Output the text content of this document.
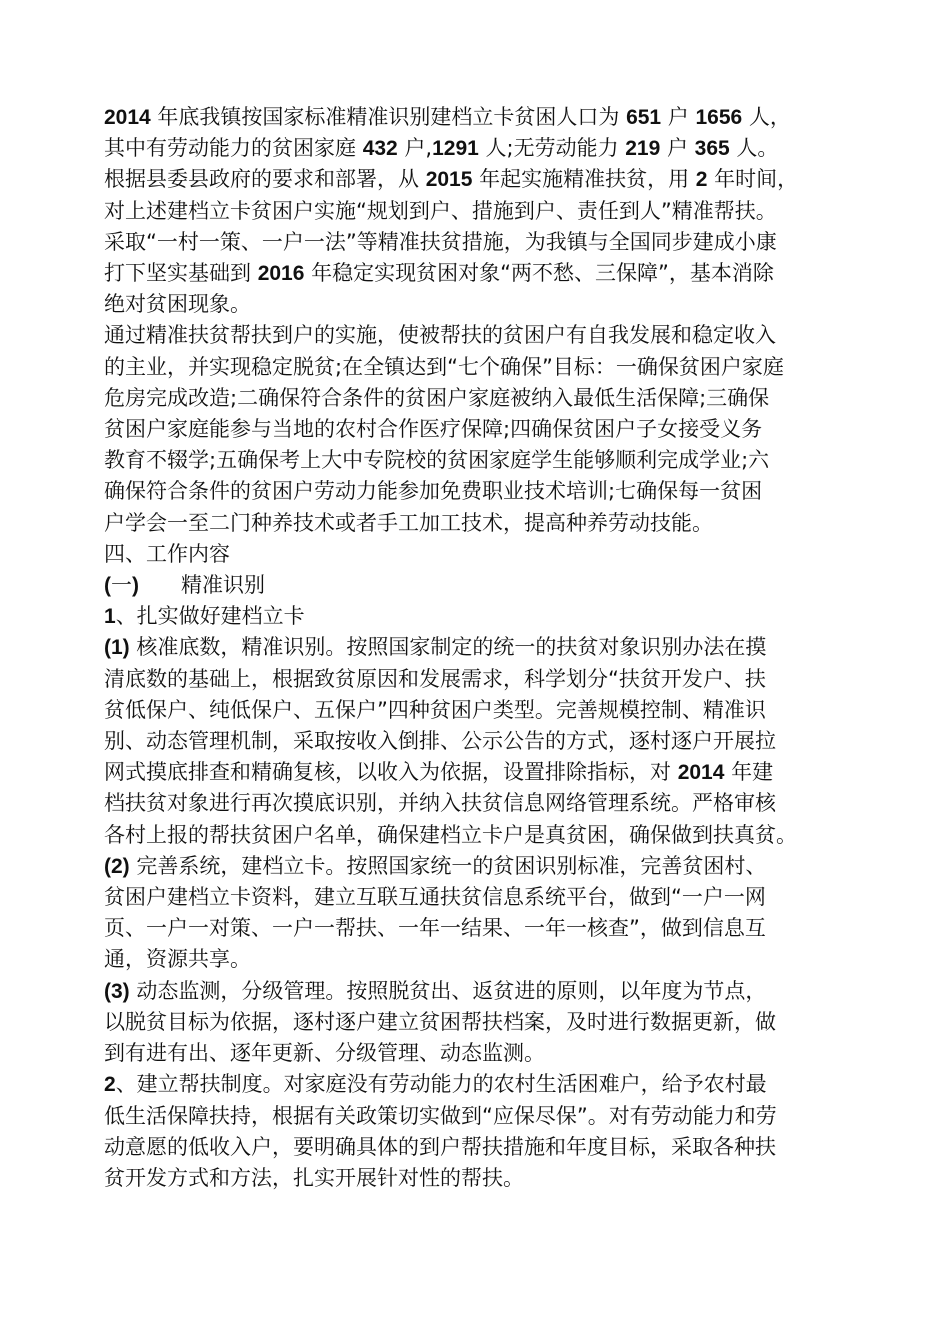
2014 年底我镇按国家标准精准识别建档立卡贫困人口为 651 户 1656 人，
其中有劳动能力的贫困家庭 432 户,1291 人;无劳动能力 219 户 365 人。

根据县委县政府的要求和部署，从 2015 年起实施精准扶贫，用 2 年时间，
对上述建档立卡贫困户实施“规划到户、措施到户、责任到人”精准帮扶。
采取“一村一策、一户一法”等精准扶贫措施，为我镇与全国同步建成小康
打下坚实基础到 2016 年稳定实现贫困对象“两不愁、三保障”，基本消除
绝对贫困现象。

通过精准扶贫帮扶到户的实施，使被帮扶的贫困户有自我发展和稳定收入
的主业，并实现稳定脱贫;在全镇达到“七个确保”目标：一确保贫困户家庭
危房完成改造;二确保符合条件的贫困户家庭被纳入最低生活保障;三确保
贫困户家庭能参与当地的农村合作医疗保障;四确保贫困户子女接受义务
教育不辍学;五确保考上大中专院校的贫困家庭学生能够顺利完成学业;六
确保符合条件的贫困户劳动力能参加免费职业技术培训;七确保每一贫困
户学会一至二门种养技术或者手工加工技术，提高种养劳动技能。

四、工作内容

(一)　　精准识别

1、扎实做好建档立卡

(1) 核准底数，精准识别。按照国家制定的统一的扶贫对象识别办法在摸
清底数的基础上，根据致贫原因和发展需求，科学划分“扶贫开发户、扶
贫低保户、纯低保户、五保户”四种贫困户类型。完善规模控制、精准识
别、动态管理机制，采取按收入倒排、公示公告的方式，逐村逐户开展拉
网式摸底排查和精确复核，以收入为依据，设置排除指标，对 2014 年建
档扶贫对象进行再次摸底识别，并纳入扶贫信息网络管理系统。严格审核
各村上报的帮扶贫困户名单，确保建档立卡户是真贫困，确保做到扶真贫。

(2) 完善系统，建档立卡。按照国家统一的贫困识别标准，完善贫困村、
贫困户建档立卡资料，建立互联互通扶贫信息系统平台，做到“一户一网
页、一户一对策、一户一帮扶、一年一结果、一年一核查”，做到信息互
通，资源共享。

(3) 动态监测，分级管理。按照脱贫出、返贫进的原则，以年度为节点，
以脱贫目标为依据，逐村逐户建立贫困帮扶档案，及时进行数据更新，做
到有进有出、逐年更新、分级管理、动态监测。

2、建立帮扶制度。对家庭没有劳动能力的农村生活困难户，给予农村最
低生活保障扶持，根据有关政策切实做到“应保尽保”。对有劳动能力和劳
动意愿的低收入户，要明确具体的到户帮扶措施和年度目标，采取各种扶
贫开发方式和方法，扎实开展针对性的帮扶。
